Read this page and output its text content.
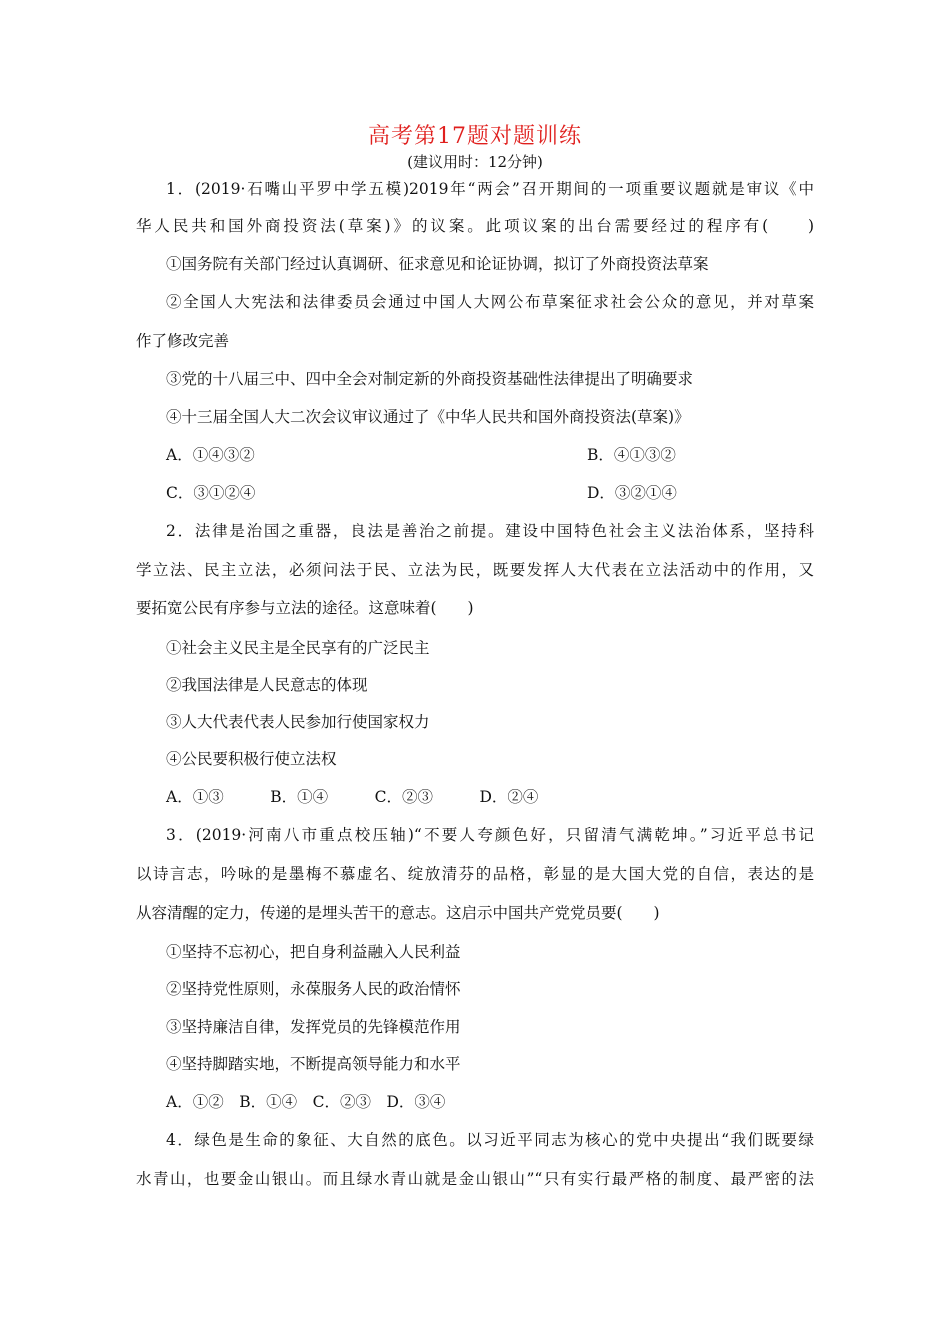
高考第17题对题训练

(建议用时：12分钟)

1．(2019·石嘴山平罗中学五模)2019年“两会”召开期间的一项重要议题就是审议《中
华人民共和国外商投资法(草案)》的议案。此项议案的出台需要经过的程序有(　　)
①国务院有关部门经过认真调研、征求意见和论证协调，拟订了外商投资法草案
②全国人大宪法和法律委员会通过中国人大网公布草案征求社会公众的意见，并对草案
作了修改完善
③党的十八届三中、四中全会对制定新的外商投资基础性法律提出了明确要求
④十三届全国人大二次会议审议通过了《中华人民共和国外商投资法(草案)》
A．①④③②	B．④①③②
C．③①②④	D．③②①④
2．法律是治国之重器，良法是善治之前提。建设中国特色社会主义法治体系，坚持科
学立法、民主立法，必须问法于民、立法为民，既要发挥人大代表在立法活动中的作用，又
要拓宽公民有序参与立法的途径。这意味着(　　)
①社会主义民主是全民享有的广泛民主
②我国法律是人民意志的体现
③人大代表代表人民参加行使国家权力
④公民要积极行使立法权
A．①③　　　B．①④　　　C．②③　　　D．②④
3．(2019·河南八市重点校压轴)“不要人夸颜色好，只留清气满乾坤。”习近平总书记
以诗言志，吟咏的是墨梅不慕虚名、绽放清芬的品格，彰显的是大国大党的自信，表达的是
从容清醒的定力，传递的是埋头苦干的意志。这启示中国共产党党员要(　　)
①坚持不忘初心，把自身利益融入人民利益
②坚持党性原则，永葆服务人民的政治情怀
③坚持廉洁自律，发挥党员的先锋模范作用
④坚持脚踏实地，不断提高领导能力和水平
A．①②　B．①④　C．②③　D．③④
4．绿色是生命的象征、大自然的底色。以习近平同志为核心的党中央提出“我们既要绿
水青山，也要金山银山。而且绿水青山就是金山银山”“只有实行最严格的制度、最严密的法
